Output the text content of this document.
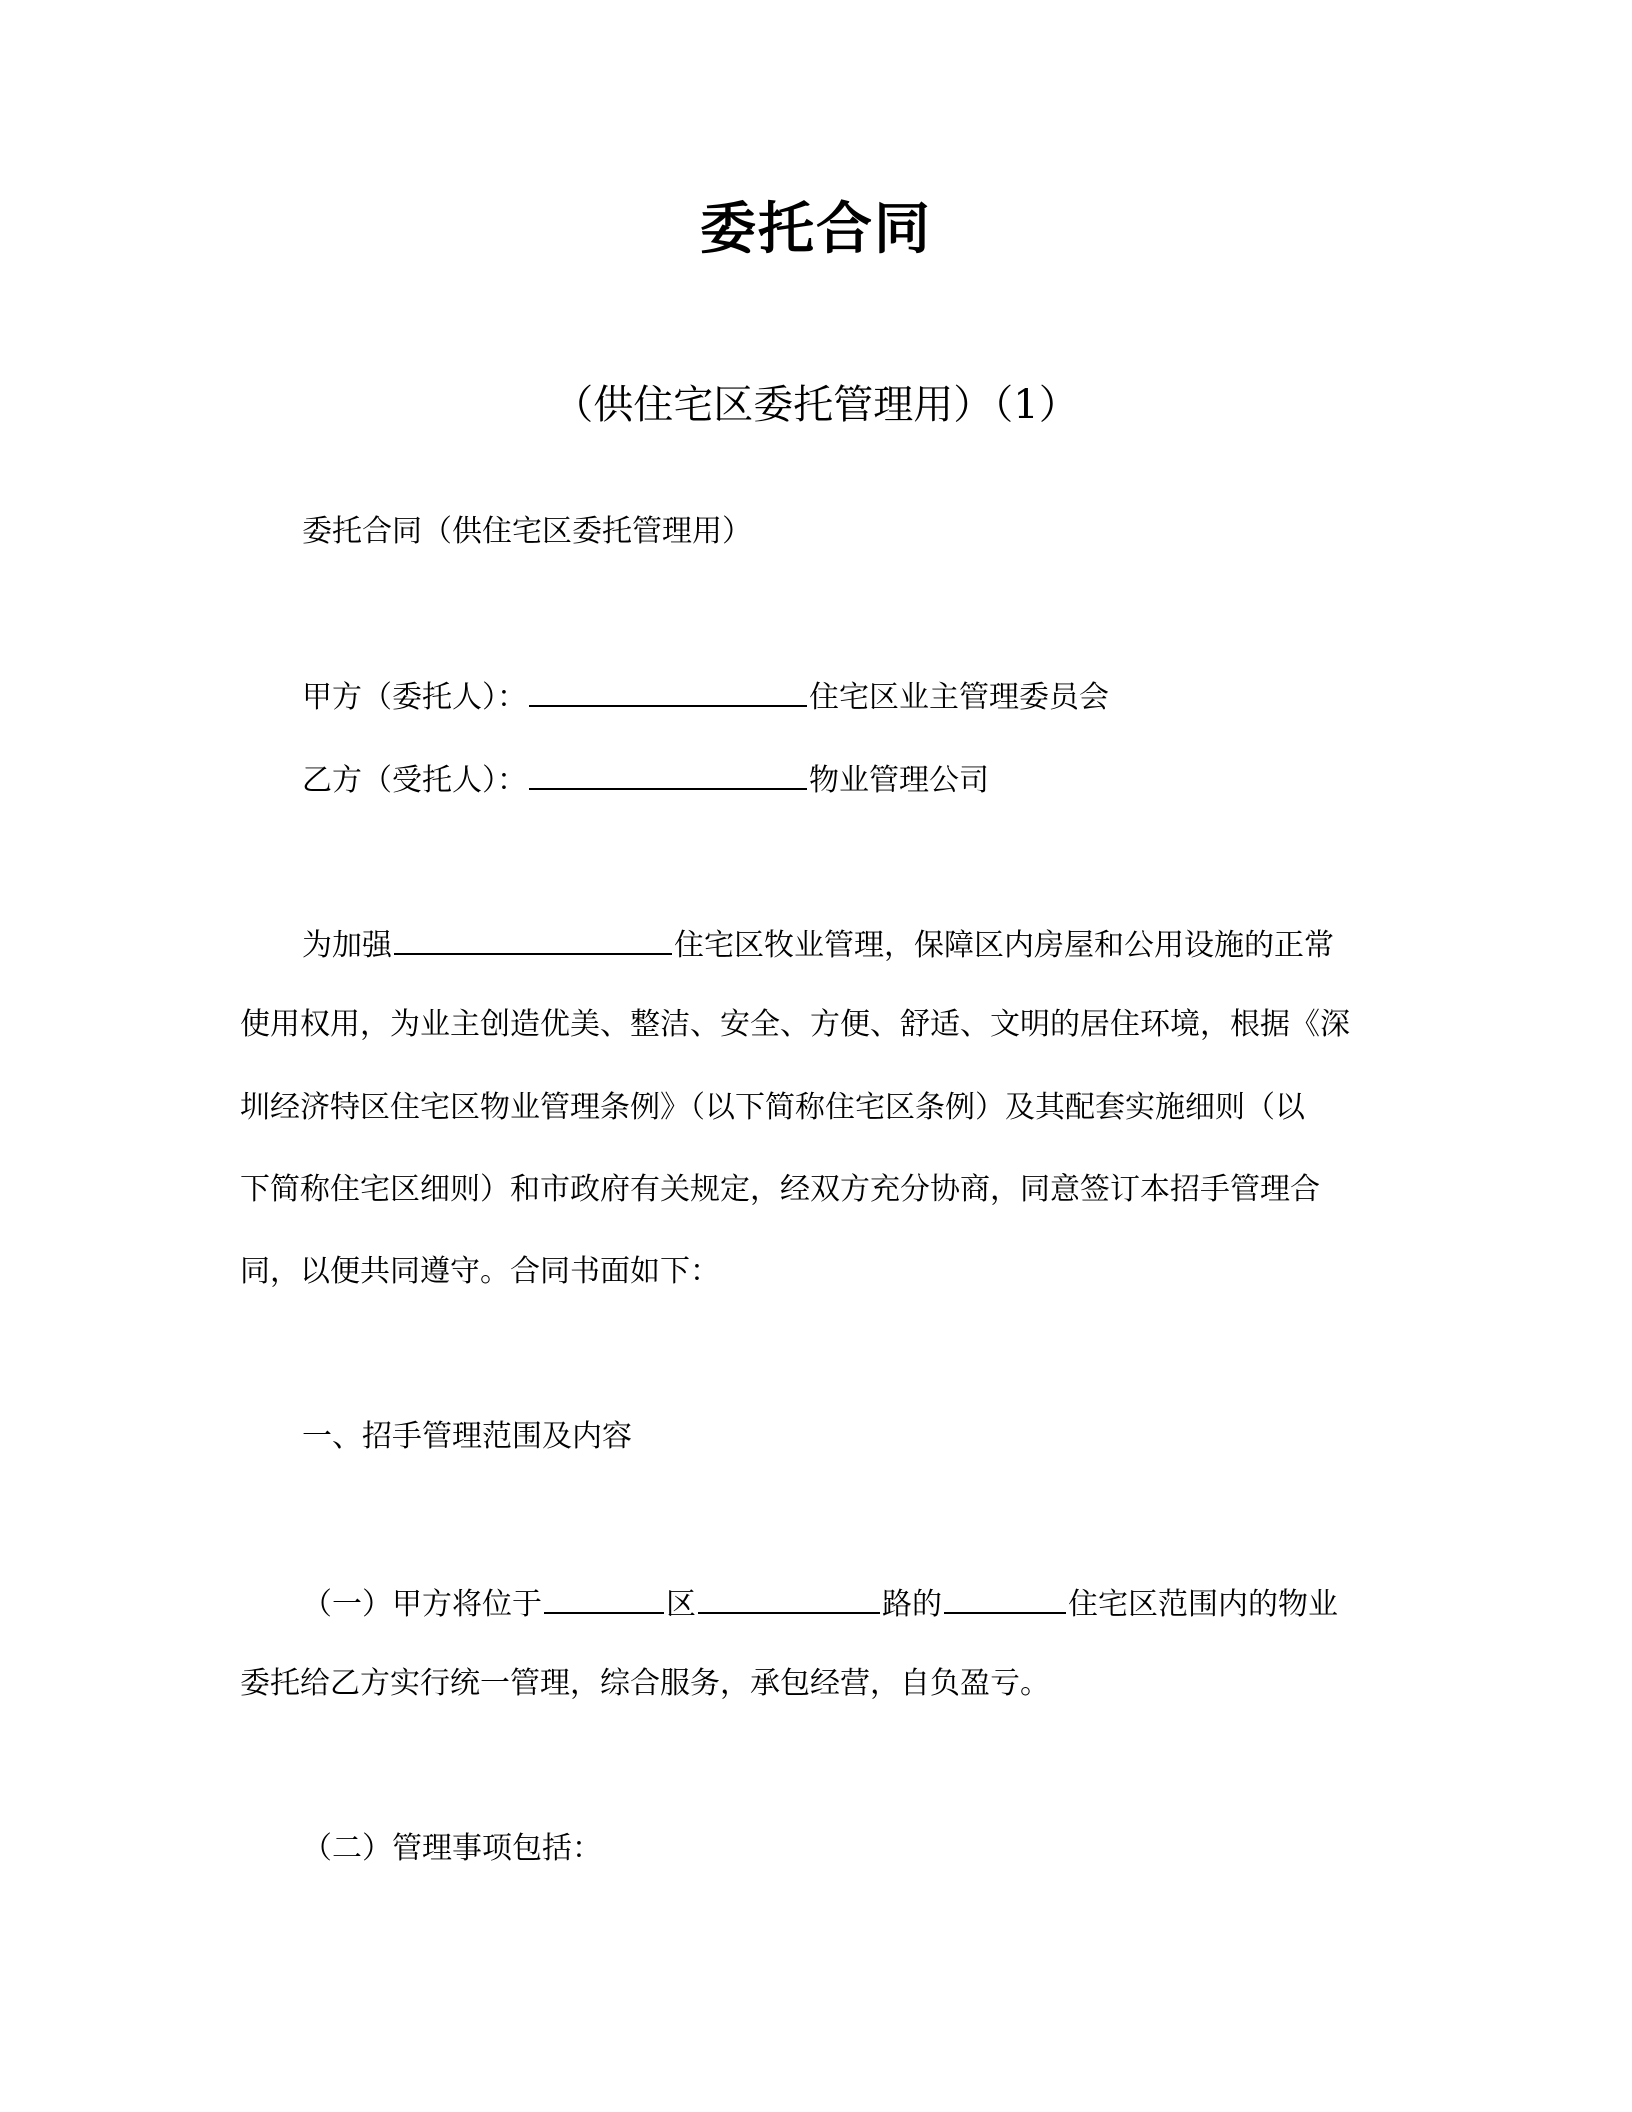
委托合同
（供住宅区委托管理用）（1）
委托合同（供住宅区委托管理用）
甲方（委托人）：	住宅区业主管理委员会
乙方（受托人）：	物业管理公司
为加强	住宅区牧业管理，保障区内房屋和公用设施的正常
使用权用，为业主创造优美、整洁、安全、方便、舒适、文明的居住环境，根据《深
圳经济特区住宅区物业管理条例》（以下简称住宅区条例）及其配套实施细则（以
下简称住宅区细则）和市政府有关规定，经双方充分协商，同意签订本招手管理合
同，以便共同遵守。合同书面如下：
一、招手管理范围及内容
（一）甲方将位于	区	路的	住宅区范围内的物业
委托给乙方实行统一管理，综合服务，承包经营，自负盈亏。
（二）管理事项包括：
